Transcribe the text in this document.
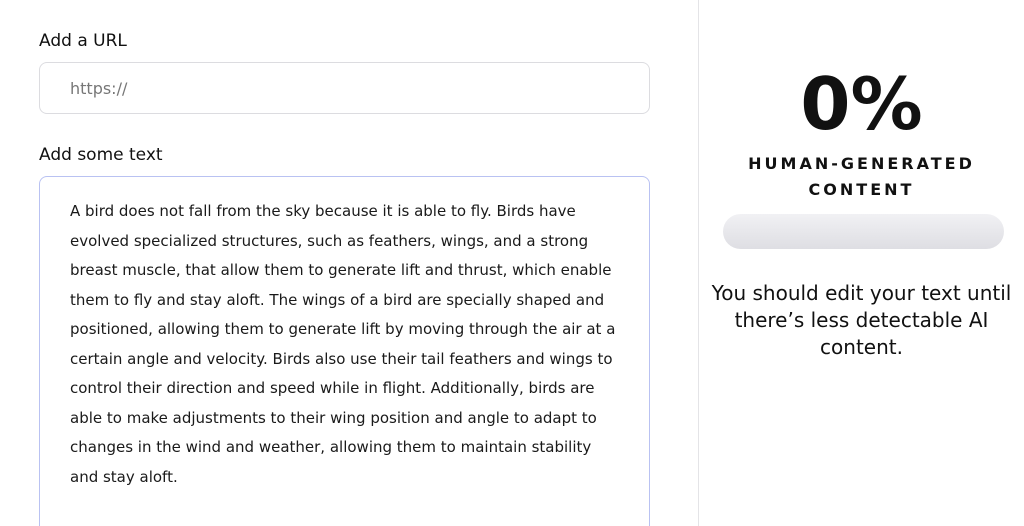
Add a URL
https://
Add some text
A bird does not fall from the sky because it is able to fly. Birds have evolved specialized structures, such as feathers, wings, and a strong breast muscle, that allow them to generate lift and thrust, which enable them to fly and stay aloft. The wings of a bird are specially shaped and positioned, allowing them to generate lift by moving through the air at a certain angle and velocity. Birds also use their tail feathers and wings to control their direction and speed while in flight. Additionally, birds are able to make adjustments to their wing position and angle to adapt to changes in the wind and weather, allowing them to maintain stability and stay aloft.
0%
HUMAN-GENERATED CONTENT
You should edit your text until there’s less detectable AI content.
